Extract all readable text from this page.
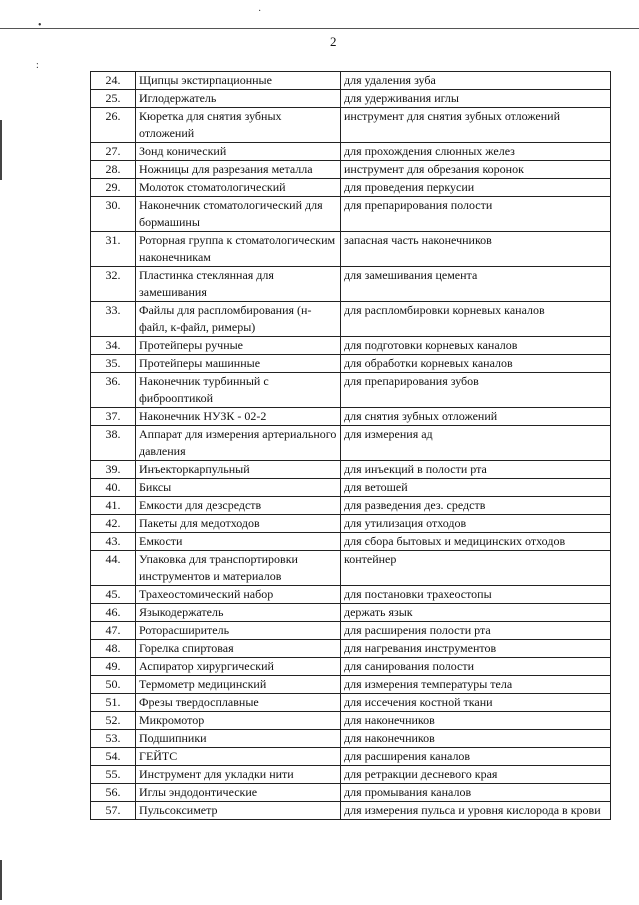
·
•
:
2
24.	Щипцы экстирпационные	для удаления зуба
25.	Иглодержатель	для удерживания иглы
26.	Кюретка для снятия зубных отложений	инструмент для снятия зубных отложений
27.	Зонд конический	для прохождения слюнных желез
28.	Ножницы для разрезания металла	инструмент для обрезания коронок
29.	Молоток стоматологический	для проведения перкусии
30.	Наконечник стоматологический для бормашины	для препарирования полости
31.	Роторная группа к стоматологическим наконечникам	запасная часть наконечников
32.	Пластинка стеклянная для замешивания	для замешивания цемента
33.	Файлы для распломбирования (н-файл, к-файл, римеры)	для распломбировки корневых каналов
34.	Протейперы ручные	для подготовки корневых каналов
35.	Протейперы машинные	для обработки корневых каналов
36.	Наконечник турбинный с фиброоптикой	для препарирования зубов
37.	Наконечник НУЗК - 02-2	для снятия зубных отложений
38.	Аппарат для измерения артериального давления	для измерения ад
39.	Инъекторкарпульный	для инъекций в полости рта
40.	Биксы	для ветошей
41.	Емкости для дезсредств	для разведения дез. средств
42.	Пакеты для медотходов	для утилизация отходов
43.	Емкости	для сбора бытовых и медицинских отходов
44.	Упаковка для транспортировки инструментов и материалов	контейнер
45.	Трахеостомический набор	для постановки трахеостопы
46.	Языкодержатель	держать язык
47.	Роторасширитель	для расширения полости рта
48.	Горелка спиртовая	для нагревания инструментов
49.	Аспиратор хирургический	для санирования полости
50.	Термометр медицинский	для измерения температуры тела
51.	Фрезы твердосплавные	для иссечения костной ткани
52.	Микромотор	для наконечников
53.	Подшипники	для наконечников
54.	ГЕЙТС	для расширения каналов
55.	Инструмент для укладки нити	для ретракции десневого края
56.	Иглы эндодонтические	для промывания каналов
57.	Пульсоксиметр	для измерения пульса и уровня кислорода в крови
